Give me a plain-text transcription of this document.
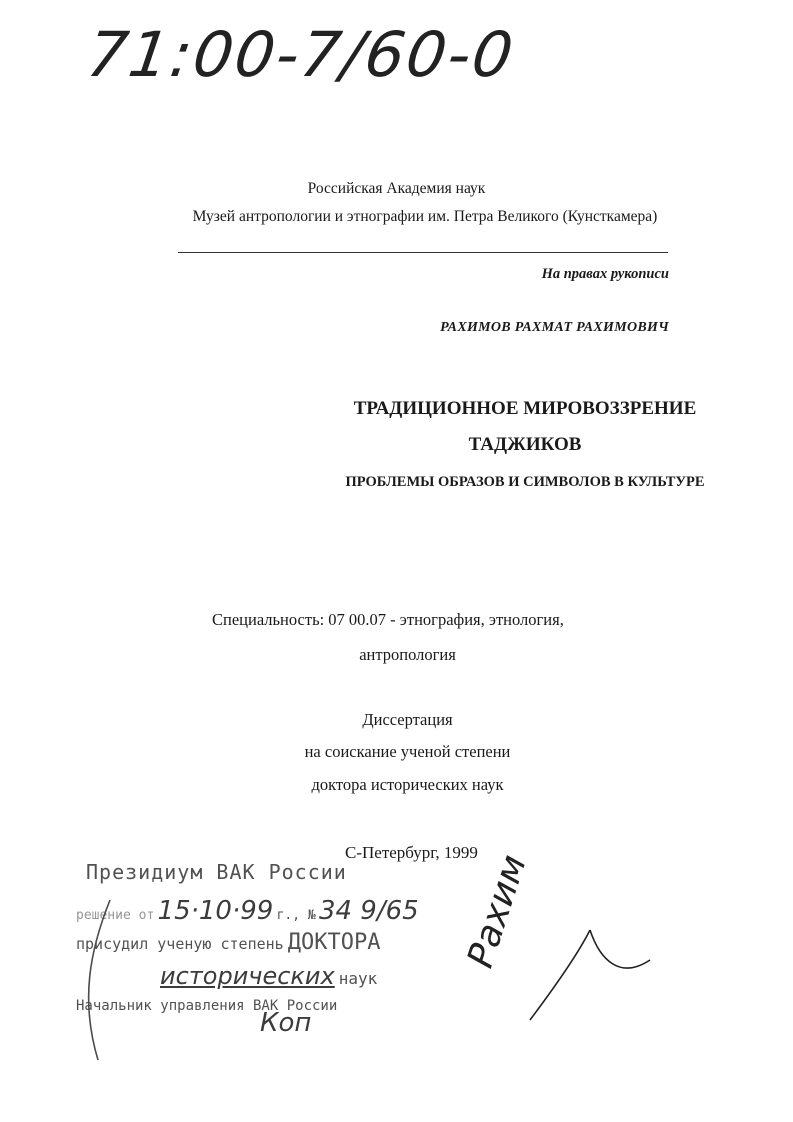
71:00-7/60-0
Российская Академия наук
Музей антропологии и этнографии им. Петра Великого (Кунсткамера)
На правах рукописи
РАХИМОВ РАХМАТ РАХИМОВИЧ
ТРАДИЦИОННОЕ МИРОВОЗЗРЕНИЕ
ТАДЖИКОВ
ПРОБЛЕМЫ ОБРАЗОВ И СИМВОЛОВ В КУЛЬТУРЕ
Специальность: 07 00.07 - этнография, этнология,
антропология
Диссертация
на соискание ученой степени
доктора исторических наук
С-Петербург, 1999
Президиум ВАК России
решение от 15·10·99 г., № 34 9/65
присудил ученую степень ДОКТОРА
исторических наук
Начальник управления ВАК России
Коп
Рахим
